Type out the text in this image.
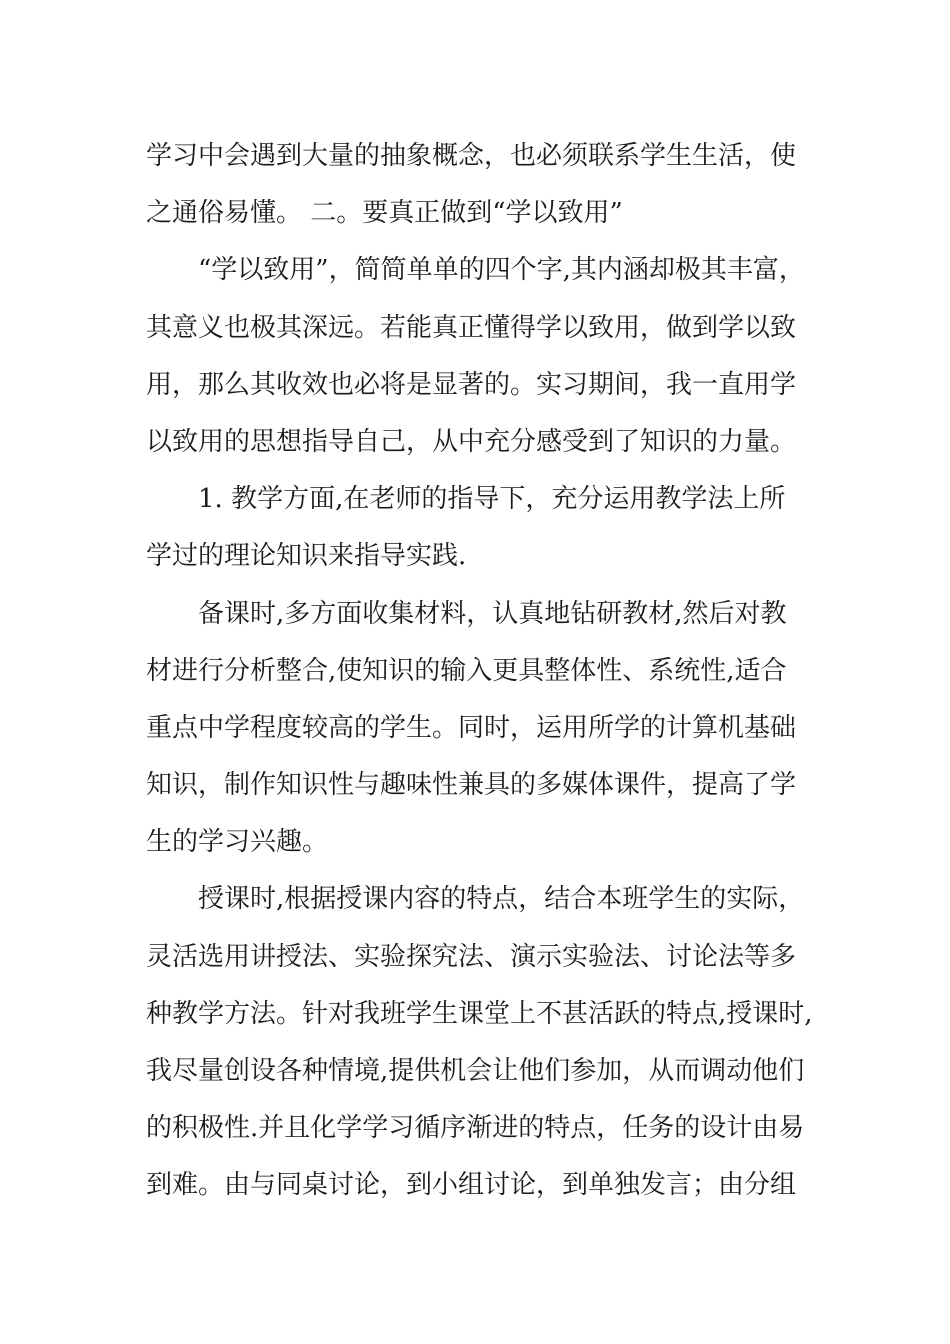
学习中会遇到大量的抽象概念，也必须联系学生生活，使
之通俗易懂。 二。要真正做到“学以致用”
“学以致用”，简简单单的四个字,其内涵却极其丰富，
其意义也极其深远。若能真正懂得学以致用，做到学以致
用，那么其收效也必将是显著的。实习期间，我一直用学
以致用的思想指导自己，从中充分感受到了知识的力量。
1. 教学方面,在老师的指导下，充分运用教学法上所
学过的理论知识来指导实践.
备课时,多方面收集材料，认真地钻研教材,然后对教
材进行分析整合,使知识的输入更具整体性、系统性,适合
重点中学程度较高的学生。同时，运用所学的计算机基础
知识，制作知识性与趣味性兼具的多媒体课件，提高了学
生的学习兴趣。
授课时,根据授课内容的特点，结合本班学生的实际，
灵活选用讲授法、实验探究法、演示实验法、讨论法等多
种教学方法。针对我班学生课堂上不甚活跃的特点,授课时,
我尽量创设各种情境,提供机会让他们参加，从而调动他们
的积极性.并且化学学习循序渐进的特点，任务的设计由易
到难。由与同桌讨论，到小组讨论，到单独发言；由分组
